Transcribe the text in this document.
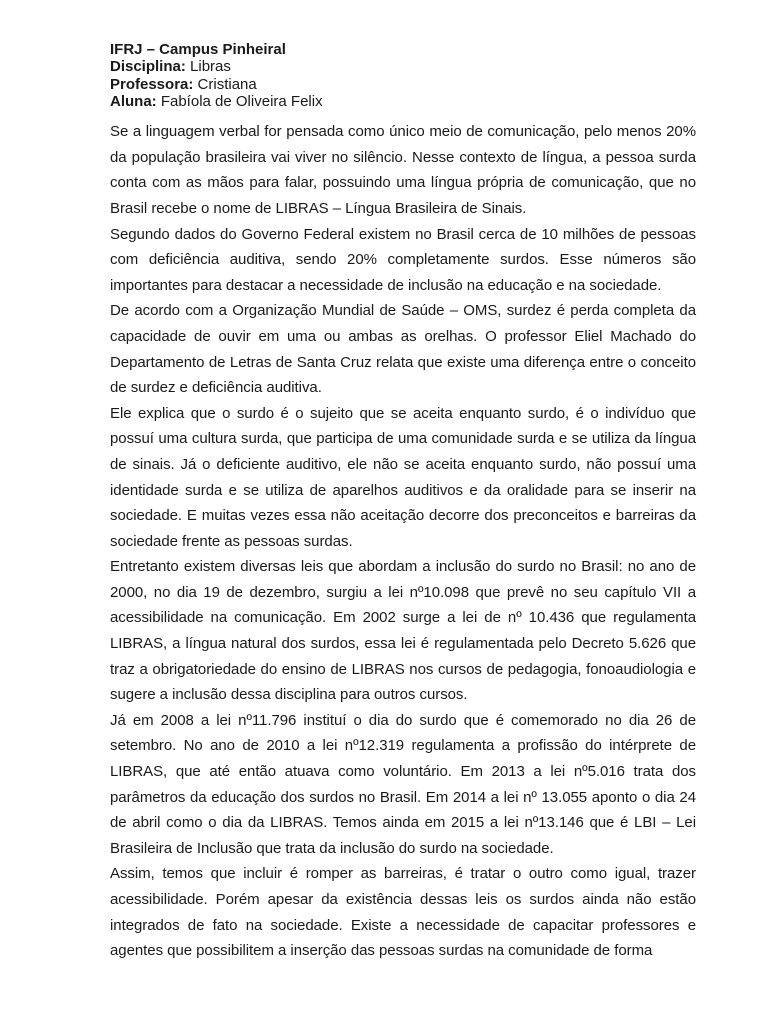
IFRJ – Campus Pinheiral

Disciplina: Libras

Professora: Cristiana

Aluna: Fabíola de Oliveira Felix

Se a linguagem verbal for pensada como único meio de comunicação, pelo menos 20% da população brasileira vai viver no silêncio. Nesse contexto de língua, a pessoa surda conta com as mãos para falar, possuindo uma língua própria de comunicação, que no Brasil recebe o nome de LIBRAS – Língua Brasileira de Sinais.

Segundo dados do Governo Federal existem no Brasil cerca de 10 milhões de pessoas com deficiência auditiva, sendo 20% completamente surdos. Esse números são importantes para destacar a necessidade de inclusão na educação e na sociedade.

De acordo com a Organização Mundial de Saúde – OMS, surdez é perda completa da capacidade de ouvir em uma ou ambas as orelhas. O professor Eliel Machado do Departamento de Letras de Santa Cruz relata que existe uma diferença entre o conceito de surdez e deficiência auditiva.

Ele explica que o surdo é o sujeito que se aceita enquanto surdo, é o indivíduo que possuí uma cultura surda, que participa de uma comunidade surda e se utiliza da língua de sinais. Já o deficiente auditivo, ele não se aceita enquanto surdo, não possuí uma identidade surda e se utiliza de aparelhos auditivos e da oralidade para se inserir na sociedade. E muitas vezes essa não aceitação decorre dos preconceitos e barreiras da sociedade frente as pessoas surdas.

Entretanto existem diversas leis que abordam a inclusão do surdo no Brasil: no ano de 2000, no dia 19 de dezembro, surgiu a lei nº10.098 que prevê no seu capítulo VII a acessibilidade na comunicação. Em 2002 surge a lei de nº 10.436 que regulamenta LIBRAS, a língua natural dos surdos, essa lei é regulamentada pelo Decreto 5.626 que traz a obrigatoriedade do ensino de LIBRAS nos cursos de pedagogia, fonoaudiologia e sugere a inclusão dessa disciplina para outros cursos.

Já em 2008 a lei nº11.796 instituí o dia do surdo que é comemorado no dia 26 de setembro. No ano de 2010 a lei nº12.319 regulamenta a profissão do intérprete de LIBRAS, que até então atuava como voluntário. Em 2013 a lei nº5.016 trata dos parâmetros da educação dos surdos no Brasil. Em 2014 a lei nº 13.055 aponto o dia 24 de abril como o dia da LIBRAS. Temos ainda em 2015 a lei nº13.146 que é LBI – Lei Brasileira de Inclusão que trata da inclusão do surdo na sociedade.

Assim, temos que incluir é romper as barreiras, é tratar o outro como igual, trazer acessibilidade. Porém apesar da existência dessas leis os surdos ainda não estão integrados de fato na sociedade. Existe a necessidade de capacitar professores e agentes que possibilitem a inserção das pessoas surdas na comunidade de forma
